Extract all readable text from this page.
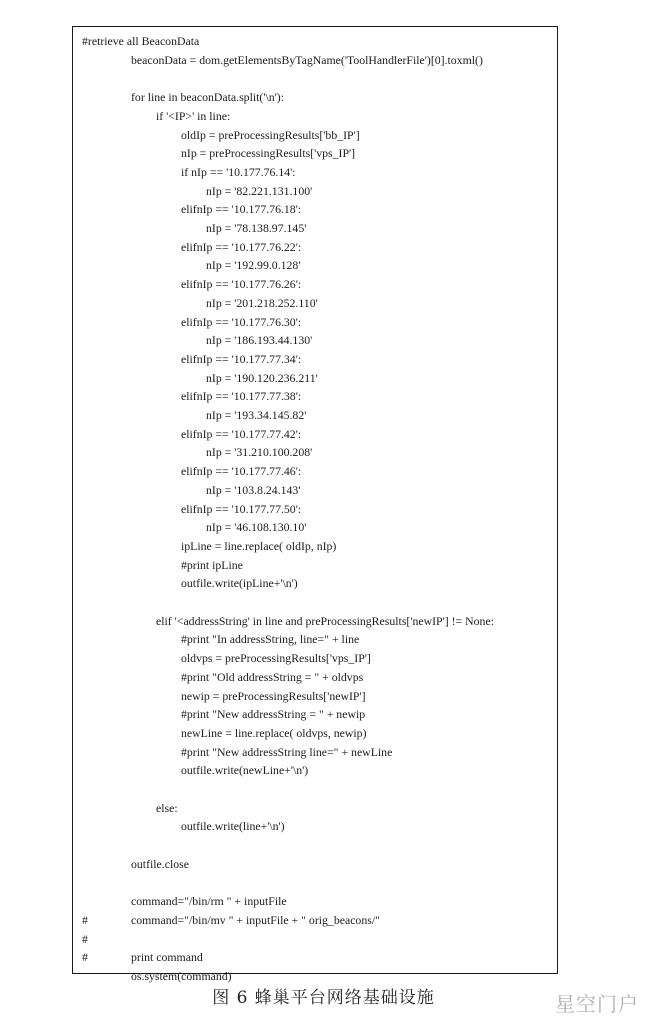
#retrieve all BeaconData
beaconData = dom.getElementsByTagName('ToolHandlerFile')[0].toxml()
for line in beaconData.split('\n'):
if '<IP>' in line:
oldIp = preProcessingResults['bb_IP']
nIp = preProcessingResults['vps_IP']
if nIp == '10.177.76.14':
nIp = '82.221.131.100'
elifnIp == '10.177.76.18':
nIp = '78.138.97.145'
elifnIp == '10.177.76.22':
nIp = '192.99.0.128'
elifnIp == '10.177.76.26':
nIp = '201.218.252.110'
elifnIp == '10.177.76.30':
nIp = '186.193.44.130'
elifnIp == '10.177.77.34':
nIp = '190.120.236.211'
elifnIp == '10.177.77.38':
nIp = '193.34.145.82'
elifnIp == '10.177.77.42':
nIp = '31.210.100.208'
elifnIp == '10.177.77.46':
nIp = '103.8.24.143'
elifnIp == '10.177.77.50':
nIp = '46.108.130.10'
ipLine = line.replace( oldIp, nIp)
#print ipLine
outfile.write(ipLine+'\n')
elif '<addressString' in line and preProcessingResults['newIP'] != None:
#print "In addressString, line=" + line
oldvps = preProcessingResults['vps_IP']
#print "Old addressString = " + oldvps
newip = preProcessingResults['newIP']
#print "New addressString = " + newip
newLine = line.replace( oldvps, newip)
#print "New addressString line=" + newLine
outfile.write(newLine+'\n')
else:
outfile.write(line+'\n')
outfile.close
command="/bin/rm " + inputFile
#	command="/bin/mv " + inputFile + " orig_beacons/"
#
#	print command
os.system(command)
图 6 蜂巢平台网络基础设施	星空门户
